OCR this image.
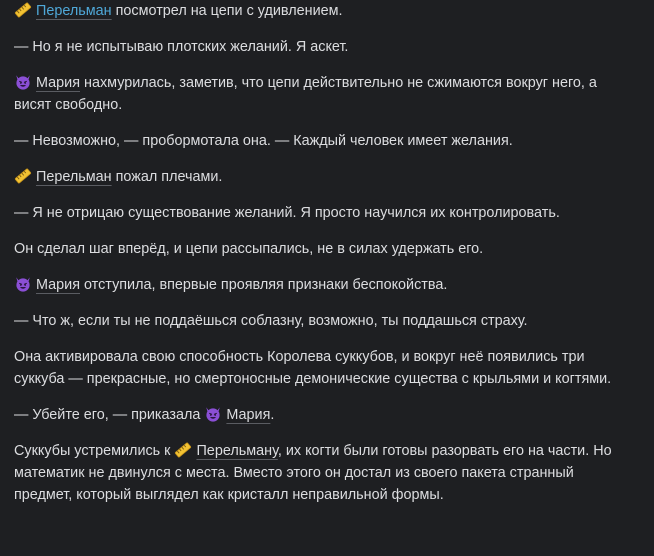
Перельман посмотрел на цепи с удивлением.

— Но я не испытываю плотских желаний. Я аскет.

Мария нахмурилась, заметив, что цепи действительно не сжимаются вокруг него, а висят свободно.

— Невозможно, — пробормотала она. — Каждый человек имеет желания.

Перельман пожал плечами.

— Я не отрицаю существование желаний. Я просто научился их контролировать.

Он сделал шаг вперёд, и цепи рассыпались, не в силах удержать его.

Мария отступила, впервые проявляя признаки беспокойства.

— Что ж, если ты не поддаёшься соблазну, возможно, ты поддашься страху.

Она активировала свою способность Королева суккубов, и вокруг неё появились три суккуба — прекрасные, но смертоносные демонические существа с крыльями и когтями.

— Убейте его, — приказала
Мария.

Суккубы устремились к
Перельману, их когти были готовы разорвать его на части. Но математик не двинулся с места. Вместо этого он достал из своего пакета странный предмет, который выглядел как кристалл неправильной формы.
